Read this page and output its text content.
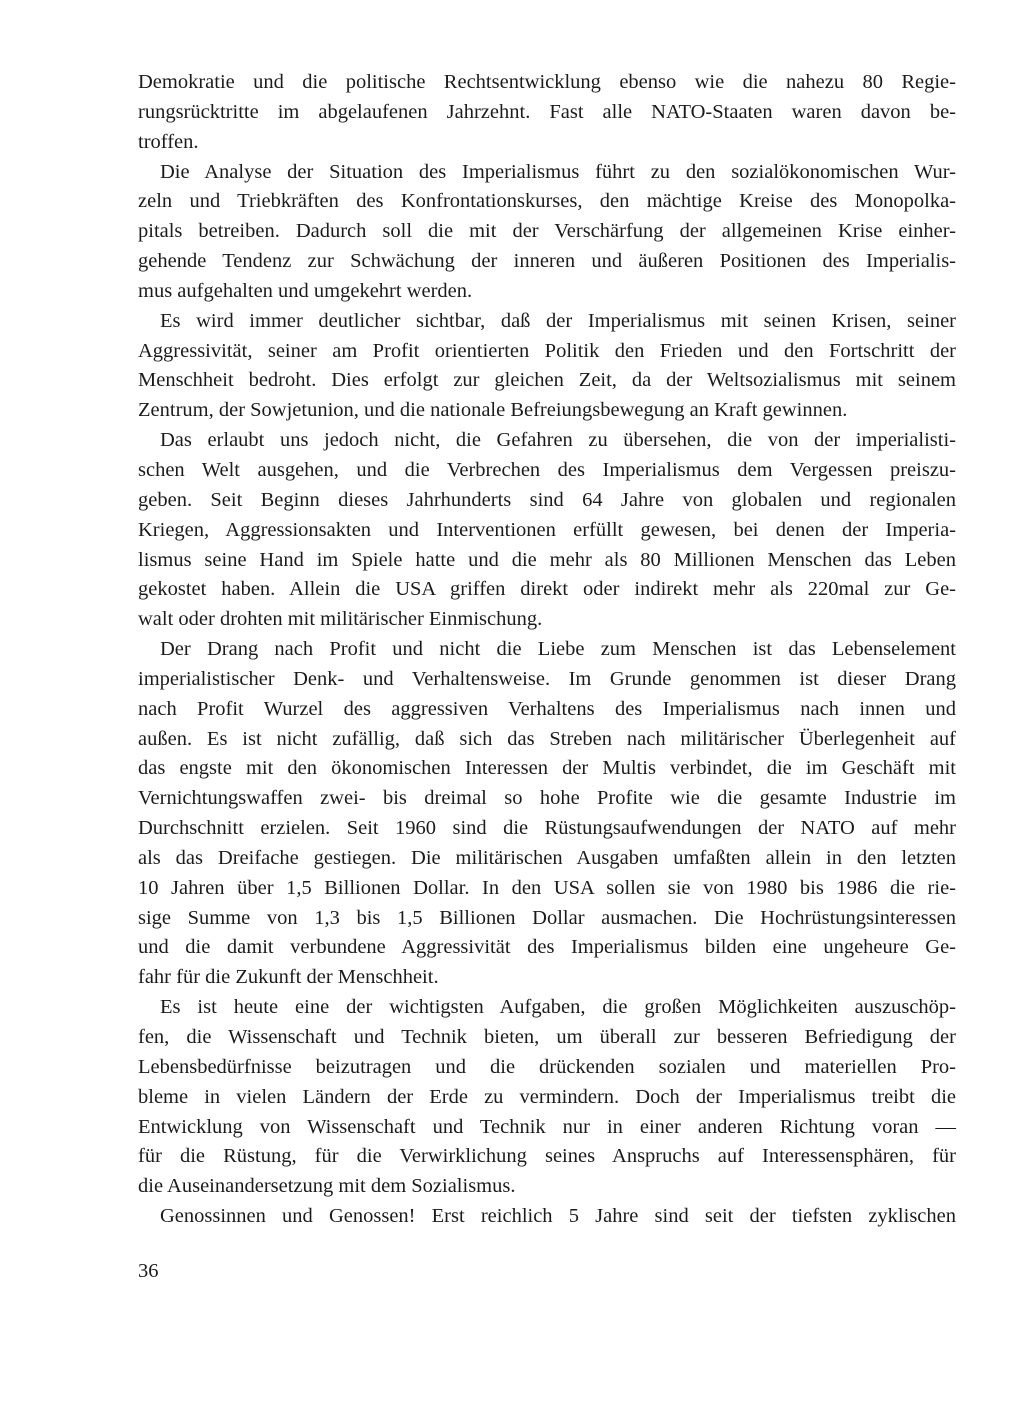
Demokratie und die politische Rechtsentwicklung ebenso wie die nahezu 80 Regie-
rungsrücktritte im abgelaufenen Jahrzehnt. Fast alle NATO-Staaten waren davon be-
troffen.
Die Analyse der Situation des Imperialismus führt zu den sozialökonomischen Wur-
zeln und Triebkräften des Konfrontationskurses, den mächtige Kreise des Monopolka-
pitals betreiben. Dadurch soll die mit der Verschärfung der allgemeinen Krise einher-
gehende Tendenz zur Schwächung der inneren und äußeren Positionen des Imperialis-
mus aufgehalten und umgekehrt werden.
Es wird immer deutlicher sichtbar, daß der Imperialismus mit seinen Krisen, seiner
Aggressivität, seiner am Profit orientierten Politik den Frieden und den Fortschritt der
Menschheit bedroht. Dies erfolgt zur gleichen Zeit, da der Weltsozialismus mit seinem
Zentrum, der Sowjetunion, und die nationale Befreiungsbewegung an Kraft gewinnen.
Das erlaubt uns jedoch nicht, die Gefahren zu übersehen, die von der imperialisti-
schen Welt ausgehen, und die Verbrechen des Imperialismus dem Vergessen preiszu-
geben. Seit Beginn dieses Jahrhunderts sind 64 Jahre von globalen und regionalen
Kriegen, Aggressionsakten und Interventionen erfüllt gewesen, bei denen der Imperia-
lismus seine Hand im Spiele hatte und die mehr als 80 Millionen Menschen das Leben
gekostet haben. Allein die USA griffen direkt oder indirekt mehr als 220mal zur Ge-
walt oder drohten mit militärischer Einmischung.
Der Drang nach Profit und nicht die Liebe zum Menschen ist das Lebenselement
imperialistischer Denk- und Verhaltensweise. Im Grunde genommen ist dieser Drang
nach Profit Wurzel des aggressiven Verhaltens des Imperialismus nach innen und
außen. Es ist nicht zufällig, daß sich das Streben nach militärischer Überlegenheit auf
das engste mit den ökonomischen Interessen der Multis verbindet, die im Geschäft mit
Vernichtungswaffen zwei- bis dreimal so hohe Profite wie die gesamte Industrie im
Durchschnitt erzielen. Seit 1960 sind die Rüstungsaufwendungen der NATO auf mehr
als das Dreifache gestiegen. Die militärischen Ausgaben umfaßten allein in den letzten
10 Jahren über 1,5 Billionen Dollar. In den USA sollen sie von 1980 bis 1986 die rie-
sige Summe von 1,3 bis 1,5 Billionen Dollar ausmachen. Die Hochrüstungsinteressen
und die damit verbundene Aggressivität des Imperialismus bilden eine ungeheure Ge-
fahr für die Zukunft der Menschheit.
Es ist heute eine der wichtigsten Aufgaben, die großen Möglichkeiten auszuschöp-
fen, die Wissenschaft und Technik bieten, um überall zur besseren Befriedigung der
Lebensbedürfnisse beizutragen und die drückenden sozialen und materiellen Pro-
bleme in vielen Ländern der Erde zu vermindern. Doch der Imperialismus treibt die
Entwicklung von Wissenschaft und Technik nur in einer anderen Richtung voran —
für die Rüstung, für die Verwirklichung seines Anspruchs auf Interessensphären, für
die Auseinandersetzung mit dem Sozialismus.
Genossinnen und Genossen! Erst reichlich 5 Jahre sind seit der tiefsten zyklischen
36
